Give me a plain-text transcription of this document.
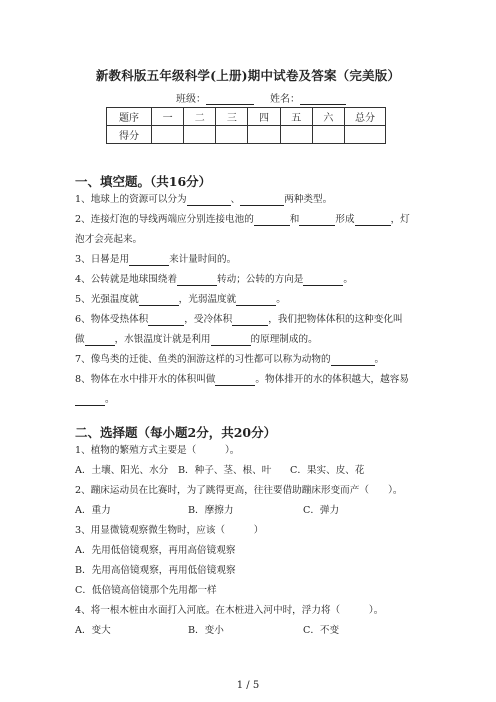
新教科版五年级科学(上册)期中试卷及答案（完美版）
班级：	姓名：
题序	一	二	三	四	五	六	总分
得分							
一、填空题。（共16分）
1、地球上的资源可以分为	、	两种类型。
2、连接灯泡的导线两端应分别连接电池的	和	形成	，灯
泡才会亮起来。
3、日晷是用	来计量时间的。
4、公转就是地球围绕着	转动；公转的方向是	。
5、光强温度就	，光弱温度就	。
6、物体受热体积	，受冷体积	，我们把物体体积的这种变化叫
做	，水银温度计就是利用	的原理制成的。
7、像鸟类的迁徙、鱼类的洄游这样的习性都可以称为动物的	。
8、物体在水中排开水的体积叫做	。物体排开的水的体积越大，越容易
。
二、选择题（每小题2分，共20分）
1、植物的繁殖方式主要是（　　　）。
A．土壤、阳光、水分 B．种子、茎、根、叶 C．果实、皮、花
2、蹦床运动员在比赛时，为了跳得更高，往往要借助蹦床形变而产（　　）。
A．重力	B．摩擦力	C．弹力
3、用显微镜观察微生物时，应该（　　　）
A．先用低倍镜观察，再用高倍镜观察
B．先用高倍镜观察，再用低倍镜观察
C．低倍镜高倍镜那个先用都一样
4、将一根木桩由水面打入河底。在木桩进入河中时，浮力将（　　　）。
A．变大	B．变小	C．不变
1 / 5
